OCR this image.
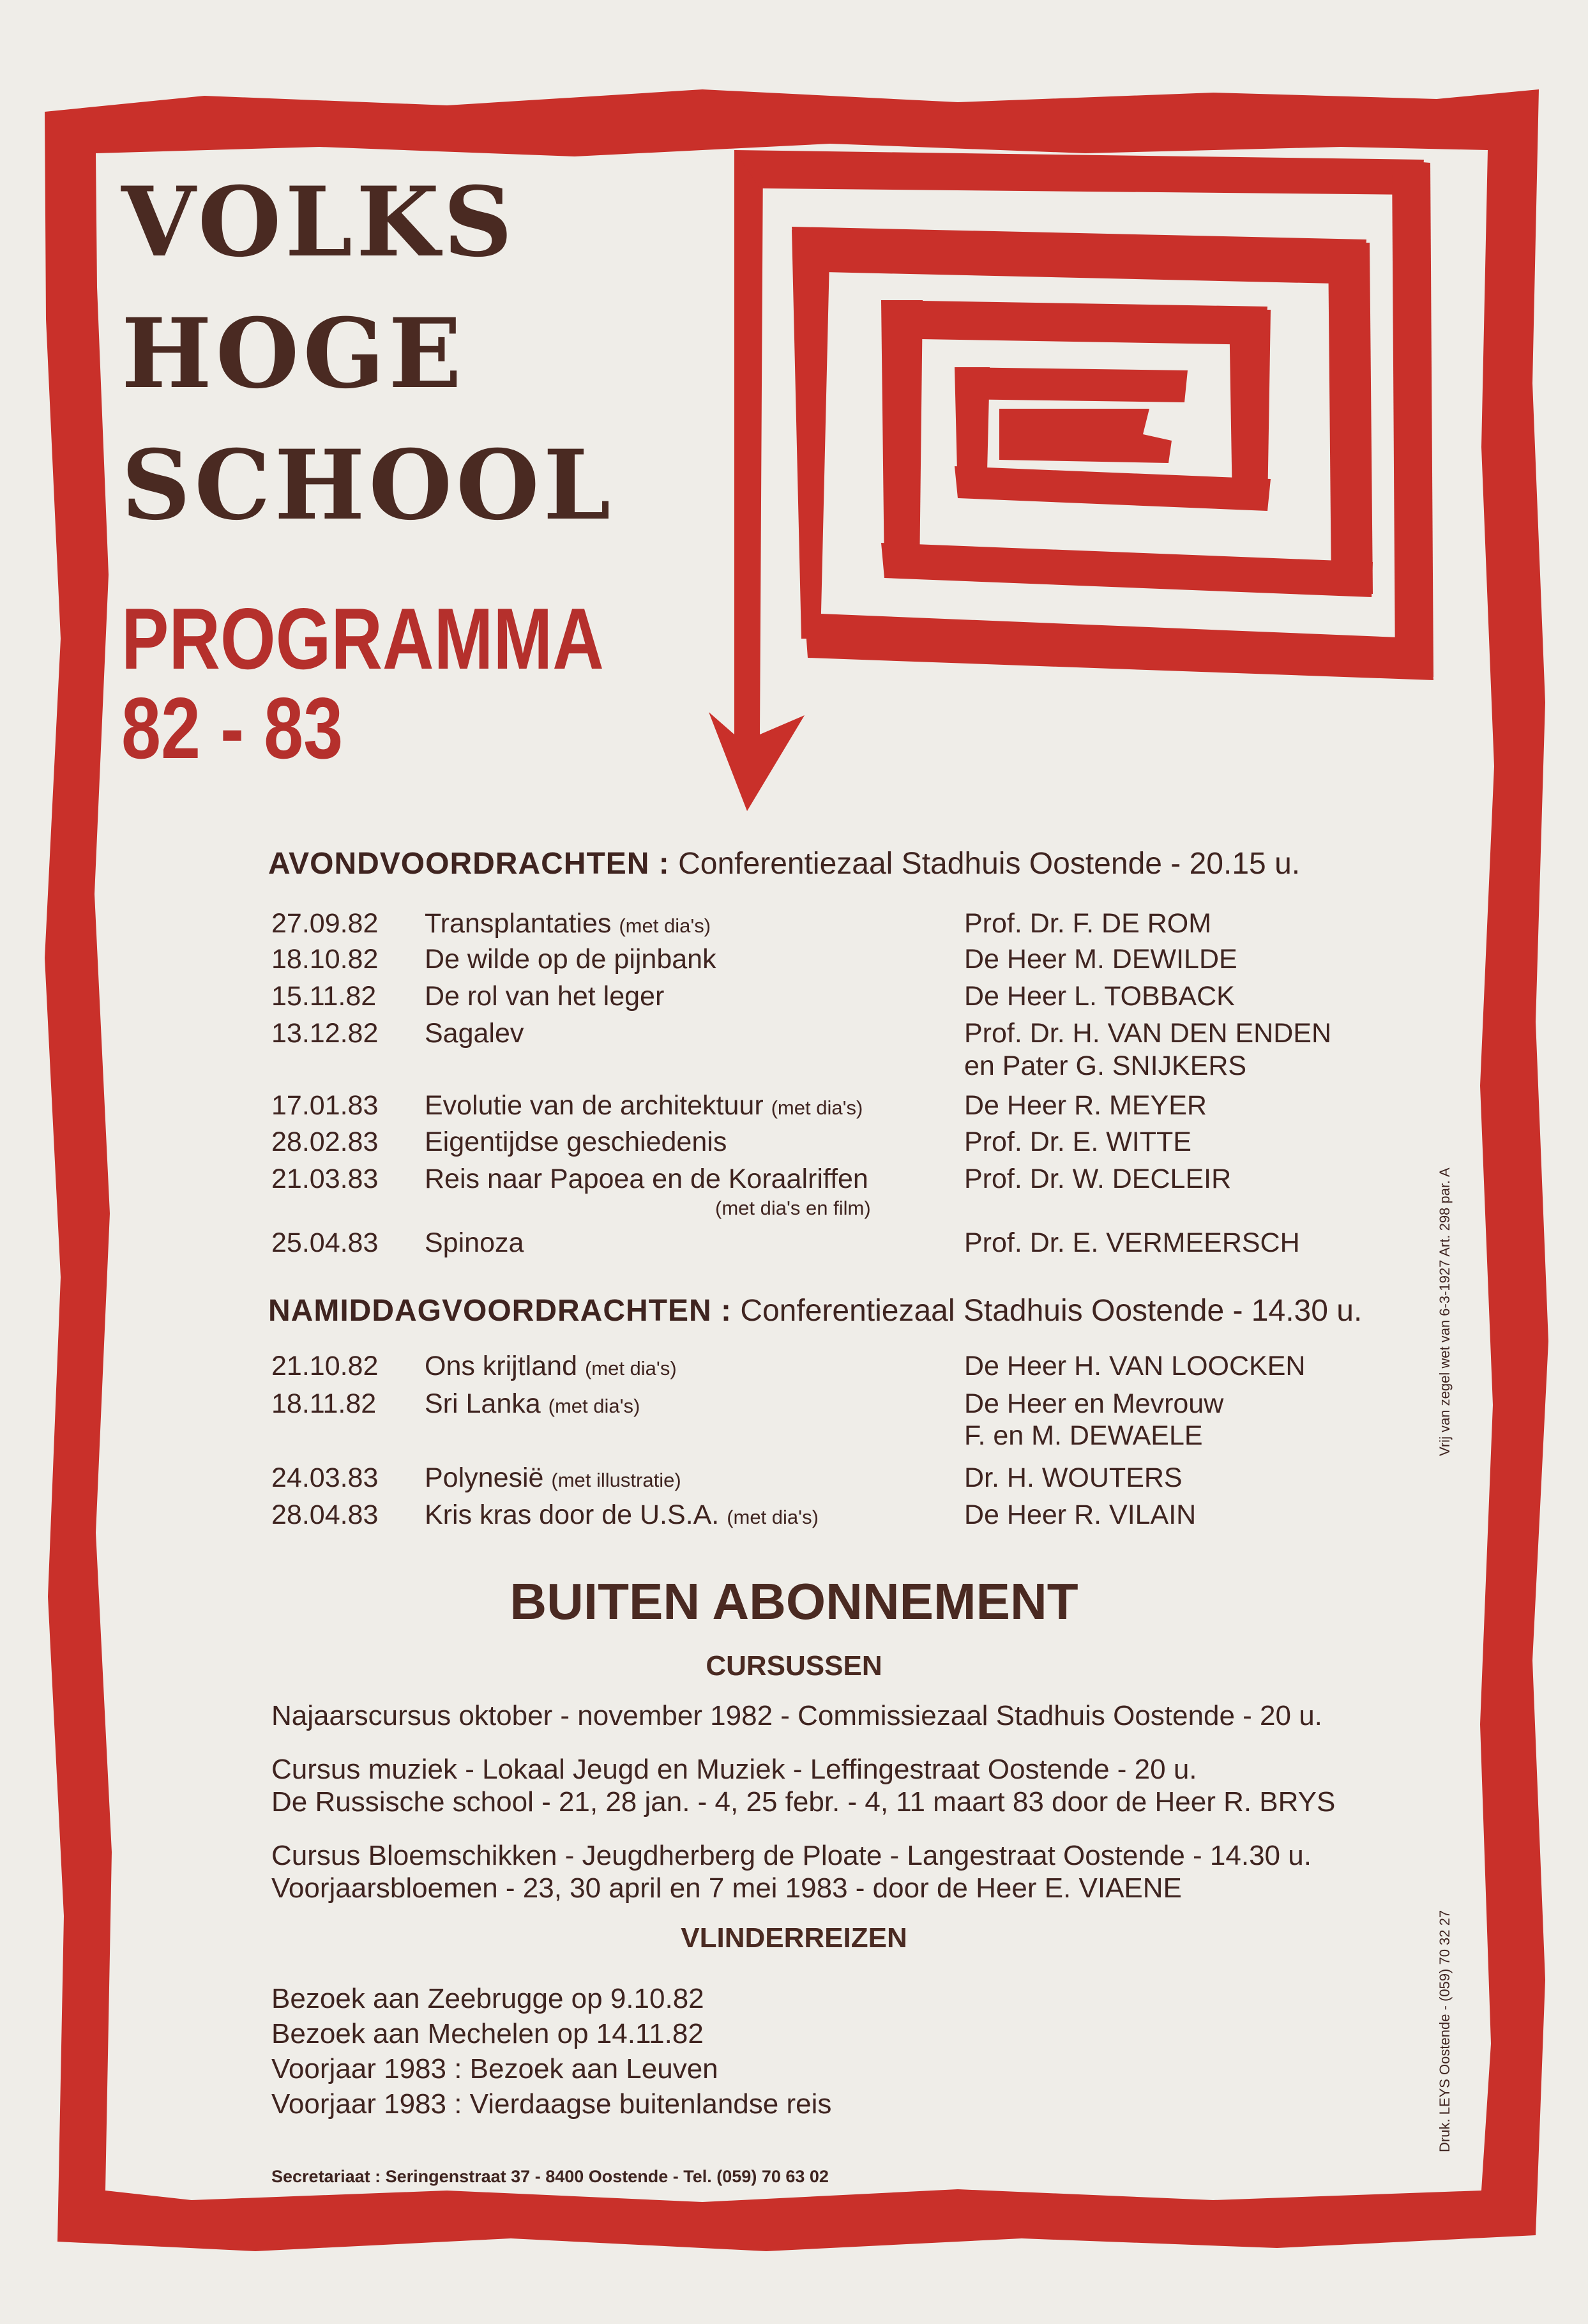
VOLKS
HOGE
SCHOOL
PROGRAMMA
82 - 83
AVONDVOORDRACHTEN : Conferentiezaal Stadhuis Oostende - 20.15 u.
27.09.82 Transplantaties (met dia's)	Prof. Dr. F. DE ROM
18.10.82 De wilde op de pijnbank	De Heer M. DEWILDE
15.11.82 De rol van het leger	De Heer L. TOBBACK
13.12.82 Sagalev	Prof. Dr. H. VAN DEN ENDEN
en Pater G. SNIJKERS
17.01.83 Evolutie van de architektuur (met dia's)	De Heer R. MEYER
28.02.83 Eigentijdse geschiedenis	Prof. Dr. E. WITTE
21.03.83 Reis naar Papoea en de Koraalriffen	Prof. Dr. W. DECLEIR
(met dia's en film)
25.04.83 Spinoza	Prof. Dr. E. VERMEERSCH
NAMIDDAGVOORDRACHTEN : Conferentiezaal Stadhuis Oostende - 14.30 u.
21.10.82 Ons krijtland (met dia's)	De Heer H. VAN LOOCKEN
18.11.82 Sri Lanka (met dia's)	De Heer en Mevrouw
F. en M. DEWAELE
24.03.83 Polynesië (met illustratie)	Dr. H. WOUTERS
28.04.83 Kris kras door de U.S.A. (met dia's)	De Heer R. VILAIN
BUITEN ABONNEMENT
CURSUSSEN
Najaarscursus oktober - november 1982 - Commissiezaal Stadhuis Oostende - 20 u.
Cursus muziek - Lokaal Jeugd en Muziek - Leffingestraat Oostende - 20 u.
De Russische school - 21, 28 jan. - 4, 25 febr. - 4, 11 maart 83 door de Heer R. BRYS
Cursus Bloemschikken - Jeugdherberg de Ploate - Langestraat Oostende - 14.30 u.
Voorjaarsbloemen - 23, 30 april en 7 mei 1983 - door de Heer E. VIAENE
VLINDERREIZEN
Bezoek aan Zeebrugge op 9.10.82
Bezoek aan Mechelen op 14.11.82
Voorjaar 1983 : Bezoek aan Leuven
Voorjaar 1983 : Vierdaagse buitenlandse reis
Secretariaat : Seringenstraat 37 - 8400 Oostende - Tel. (059) 70 63 02
Vrij van zegel wet van 6-3-1927 Art. 298 par. A
Druk. LEYS Oostende - (059) 70 32 27
